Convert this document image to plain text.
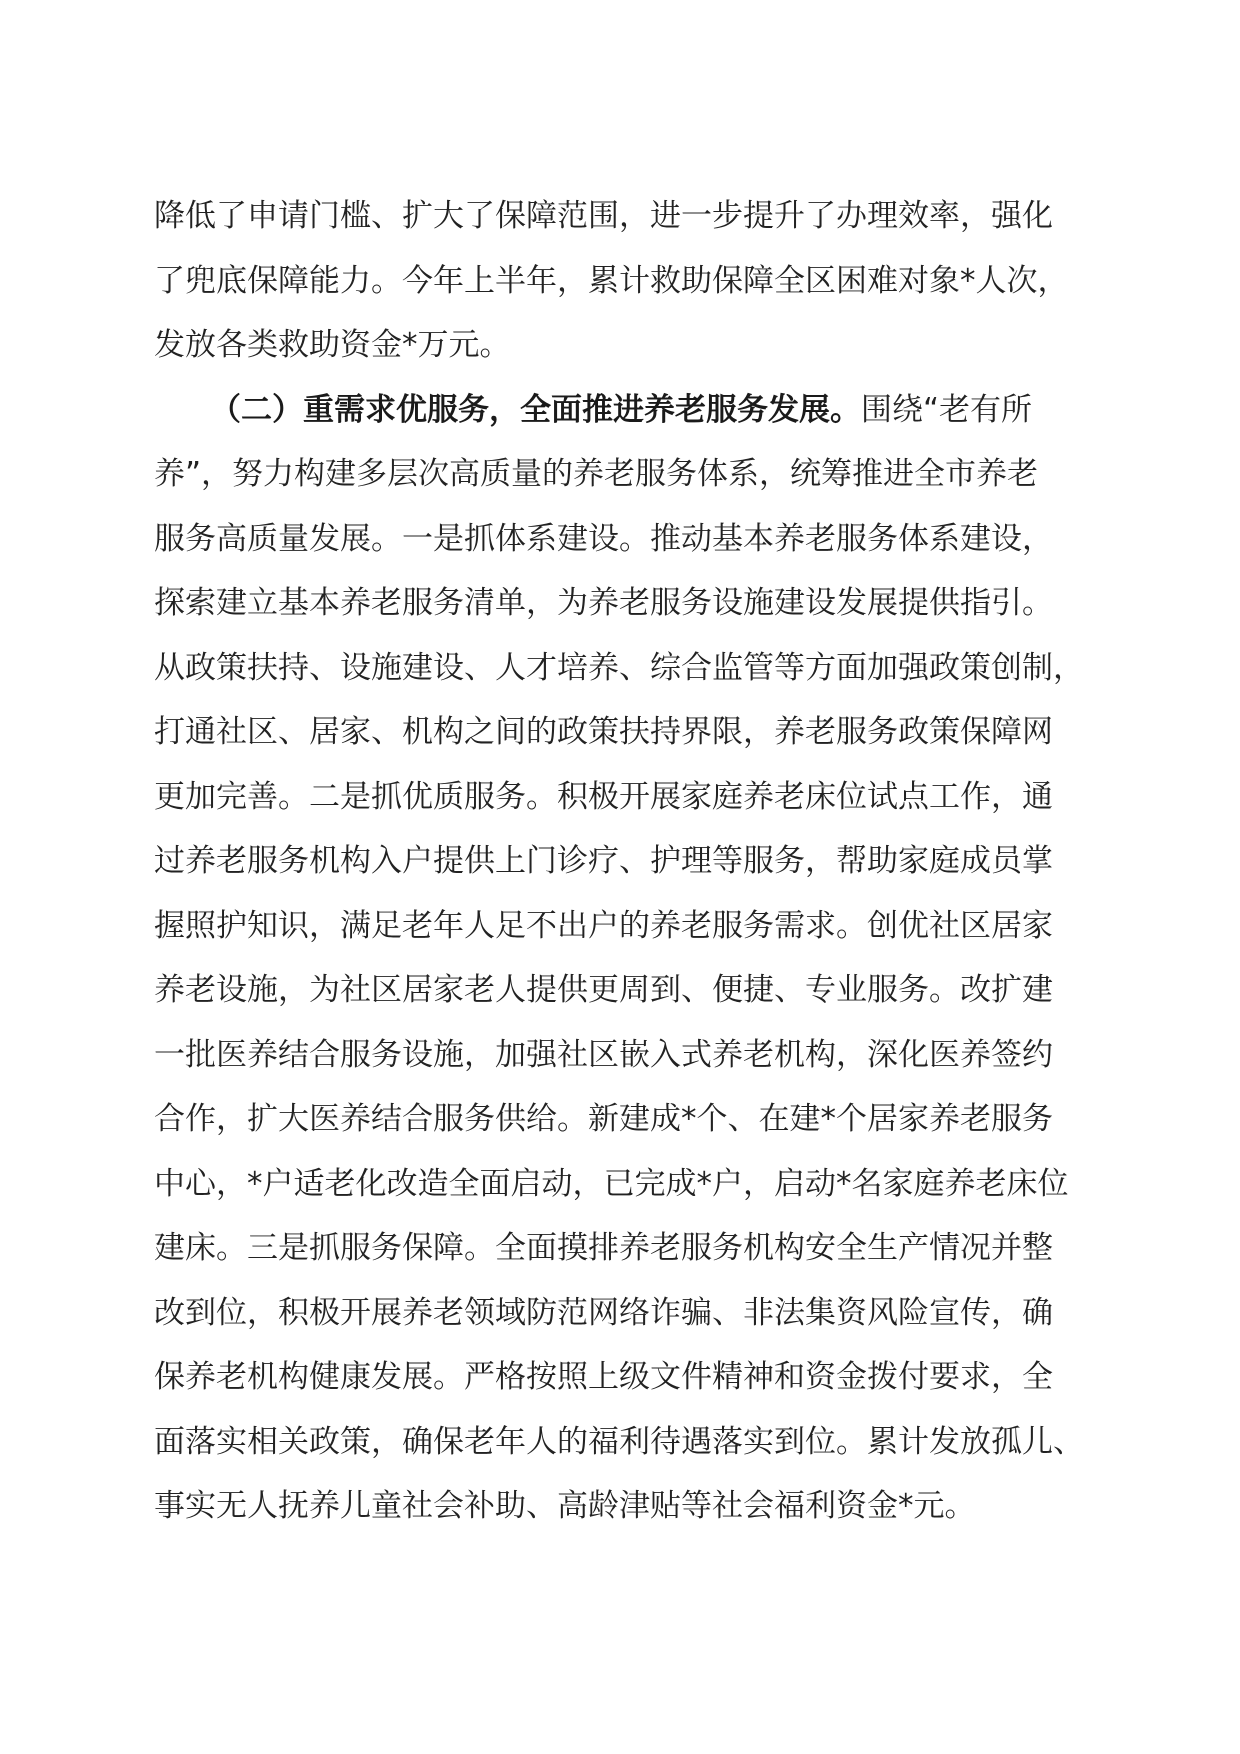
降低了申请门槛、扩大了保障范围，进一步提升了办理效率，强化
了兜底保障能力。今年上半年，累计救助保障全区困难对象*人次，
发放各类救助资金*万元。
（二）重需求优服务，全面推进养老服务发展。围绕“老有所
养”，努力构建多层次高质量的养老服务体系，统筹推进全市养老
服务高质量发展。一是抓体系建设。推动基本养老服务体系建设，
探索建立基本养老服务清单，为养老服务设施建设发展提供指引。
从政策扶持、设施建设、人才培养、综合监管等方面加强政策创制，
打通社区、居家、机构之间的政策扶持界限，养老服务政策保障网
更加完善。二是抓优质服务。积极开展家庭养老床位试点工作，通
过养老服务机构入户提供上门诊疗、护理等服务，帮助家庭成员掌
握照护知识，满足老年人足不出户的养老服务需求。创优社区居家
养老设施，为社区居家老人提供更周到、便捷、专业服务。改扩建
一批医养结合服务设施，加强社区嵌入式养老机构，深化医养签约
合作，扩大医养结合服务供给。新建成*个、在建*个居家养老服务
中心，*户适老化改造全面启动，已完成*户，启动*名家庭养老床位
建床。三是抓服务保障。全面摸排养老服务机构安全生产情况并整
改到位，积极开展养老领域防范网络诈骗、非法集资风险宣传，确
保养老机构健康发展。严格按照上级文件精神和资金拨付要求，全
面落实相关政策，确保老年人的福利待遇落实到位。累计发放孤儿、
事实无人抚养儿童社会补助、高龄津贴等社会福利资金*元。
